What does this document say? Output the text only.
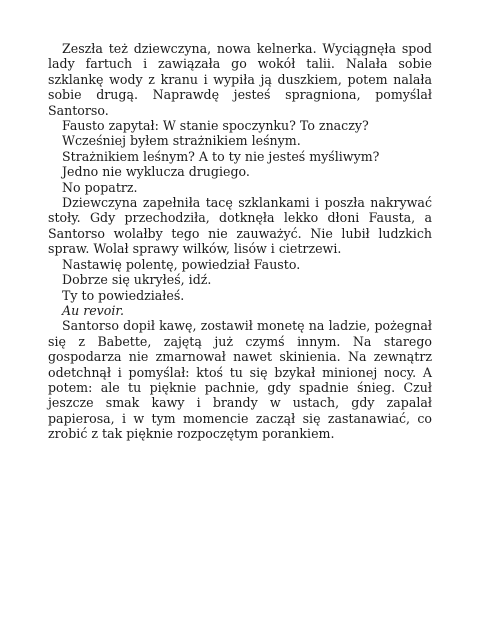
Zeszła też dziewczyna, nowa kelnerka. Wyciągnęła spod lady fartuch i zawiązała go wokół talii. Nalała sobie szklankę wody z kranu i wypiła ją duszkiem, potem nalała sobie drugą. Naprawdę jesteś spragniona, pomyślał Santorso.

Fausto zapytał: W stanie spoczynku? To znaczy?

Wcześniej byłem strażnikiem leśnym.

Strażnikiem leśnym? A to ty nie jesteś myśliwym?

Jedno nie wyklucza drugiego.

No popatrz.

Dziewczyna zapełniła tacę szklankami i poszła nakrywać stoły. Gdy przechodziła, dotknęła lekko dłoni Fausta, a Santorso wolałby tego nie zauważyć. Nie lubił ludzkich spraw. Wolał sprawy wilków, lisów i cietrzewi.

Nastawię polentę, powiedział Fausto.

Dobrze się ukryłeś, idź.

Ty to powiedziałeś.

Au revoir.

Santorso dopił kawę, zostawił monetę na ladzie, pożegnał się z Babette, zajętą już czymś innym. Na starego gospodarza nie zmarnował nawet skinienia. Na zewnątrz odetchnął i pomyślał: ktoś tu się bzykał minionej nocy. A potem: ale tu pięknie pachnie, gdy spadnie śnieg. Czuł jeszcze smak kawy i brandy w ustach, gdy zapalał papierosa, i w tym momencie zaczął się zastanawiać, co zrobić z tak pięknie rozpoczętym porankiem.
